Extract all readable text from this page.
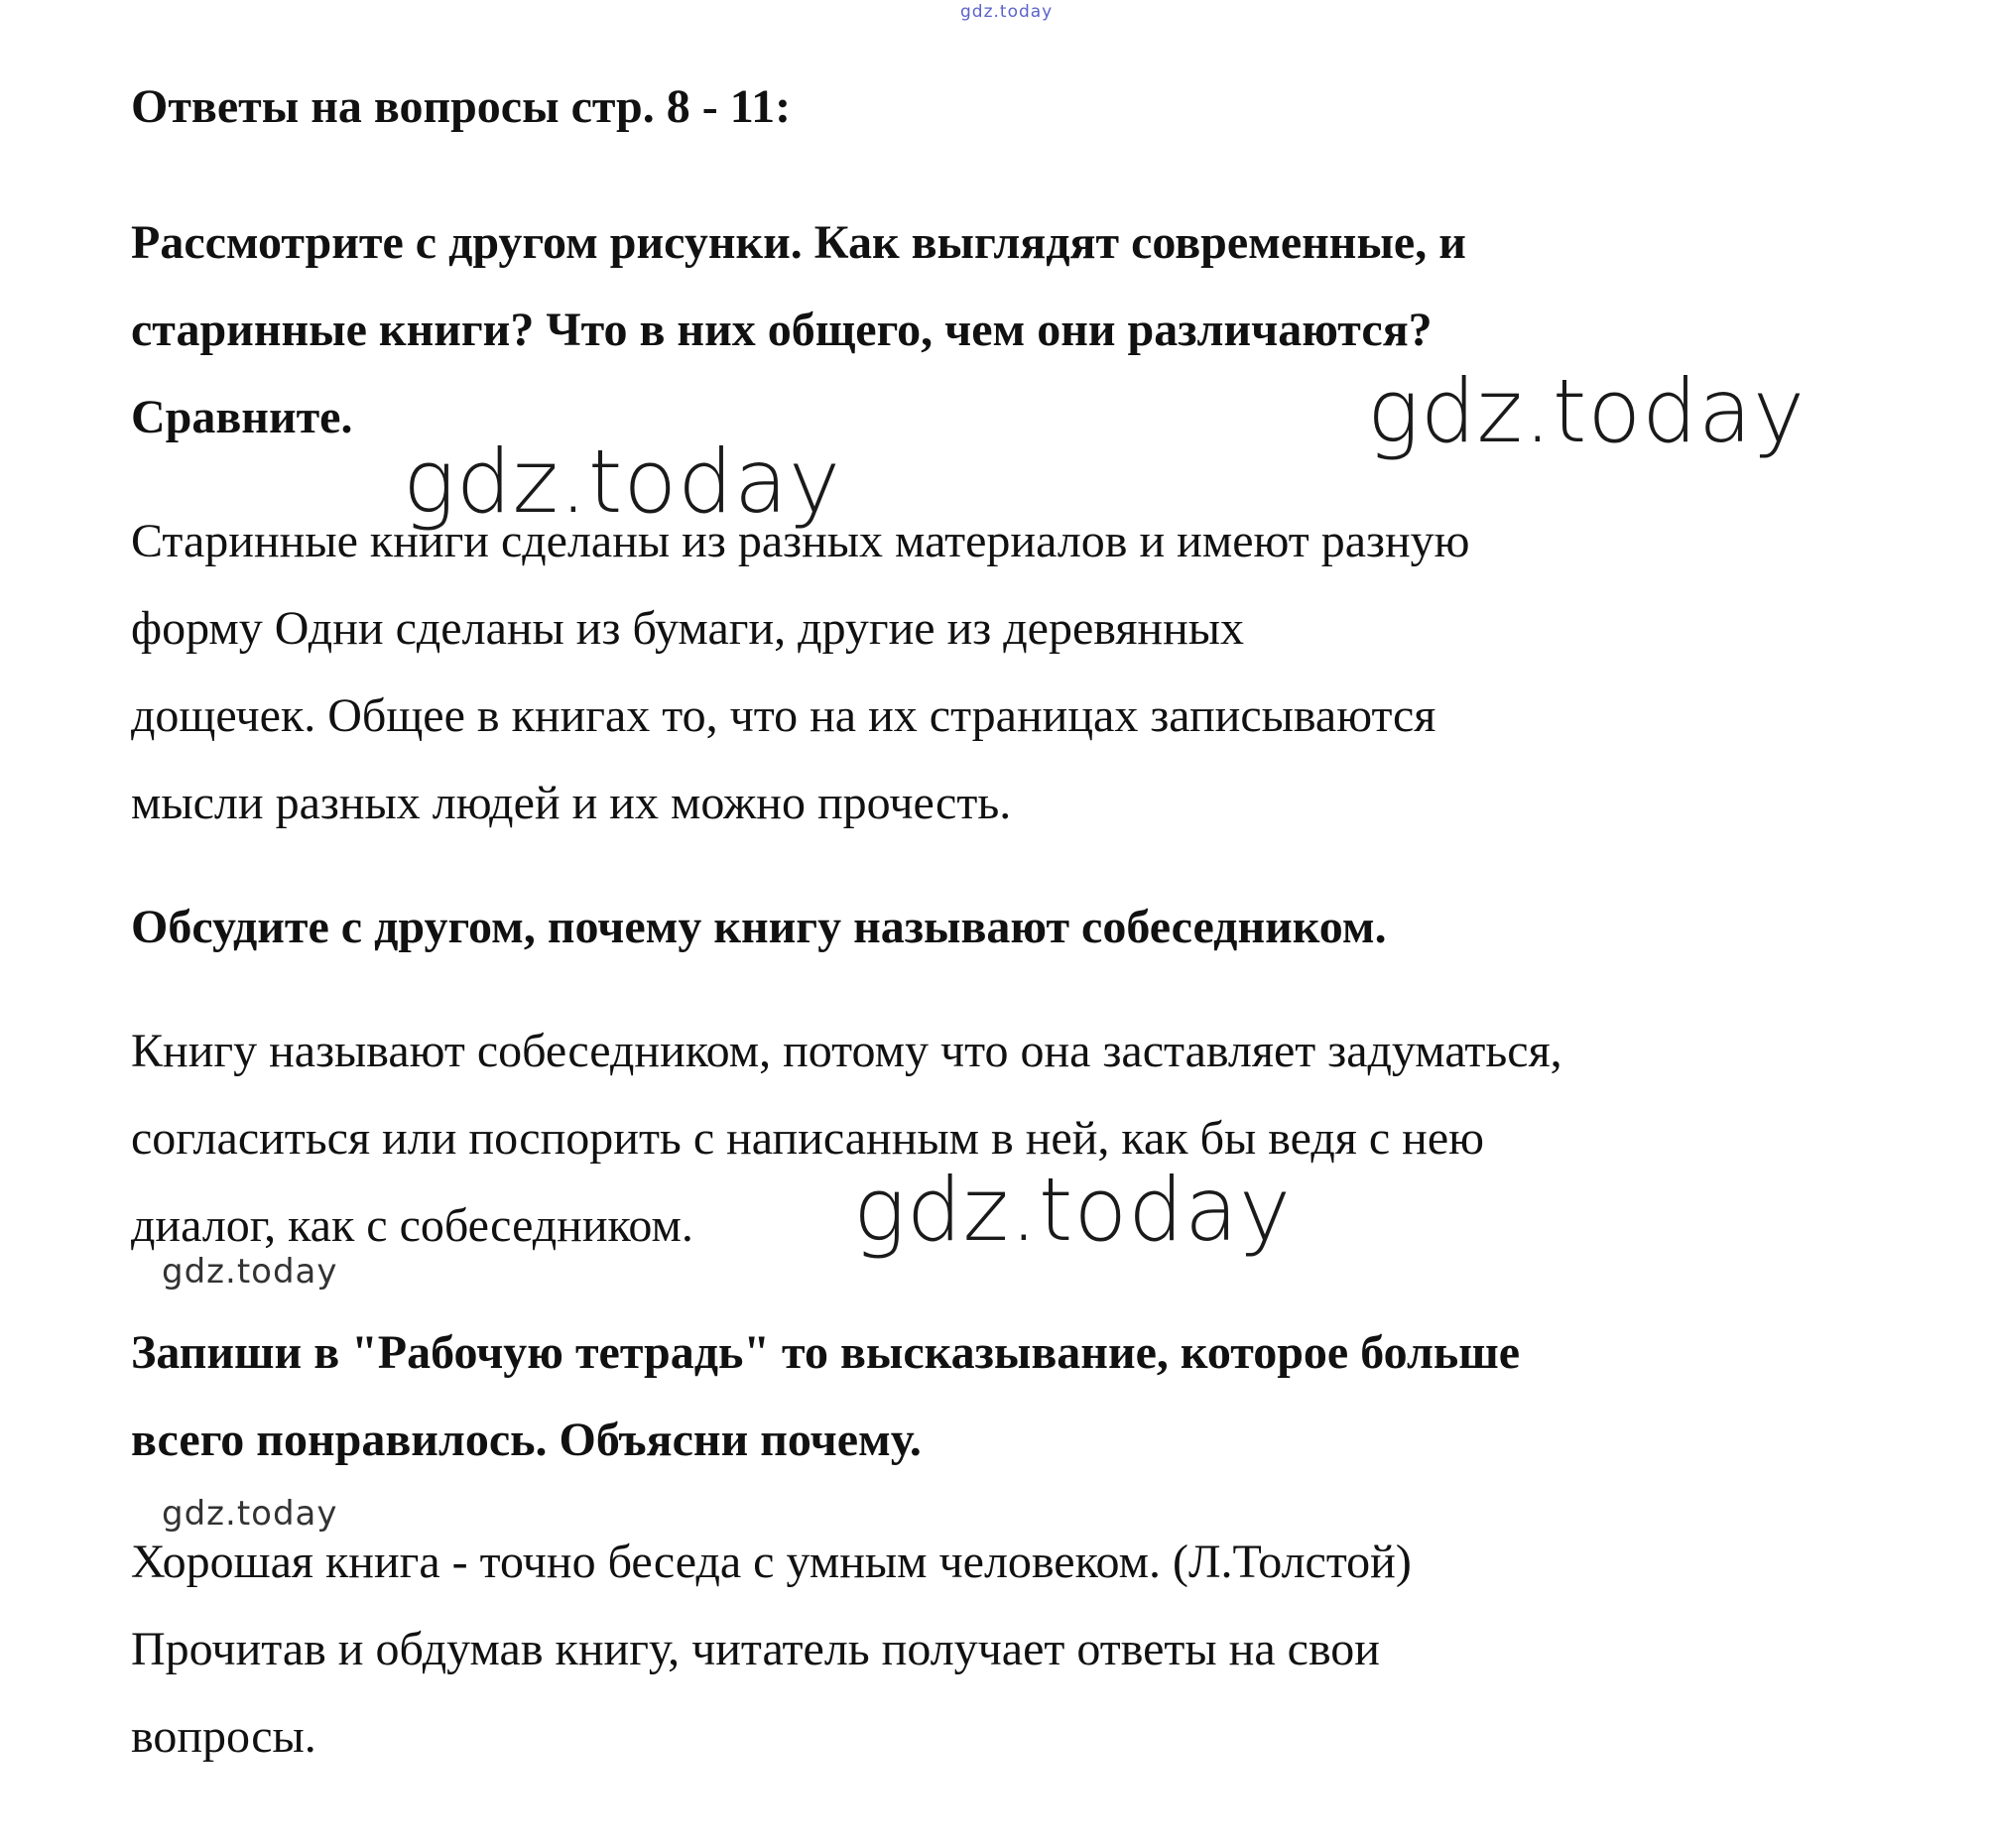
gdz.today
Ответы на вопросы стр. 8 - 11:
Рассмотрите с другом рисунки. Как выглядят современные, и
старинные книги? Что в них общего, чем они различаются?
Сравните.
Старинные книги сделаны из разных материалов и имеют разную
форму Одни сделаны из бумаги, другие из деревянных
дощечек. Общее в книгах то, что на их страницах записываются
мысли разных людей и их можно прочесть.
Обсудите с другом, почему книгу называют собеседником.
Книгу называют собеседником, потому что она заставляет задуматься,
согласиться или поспорить с написанным в ней, как бы ведя с нею
диалог, как с собеседником.
Запиши в "Рабочую тетрадь" то высказывание, которое больше
всего понравилось. Объясни почему.
Хорошая книга - точно беседа с умным человеком. (Л.Толстой)
Прочитав и обдумав книгу, читатель получает ответы на свои
вопросы.
gdz.today
gdz.today
gdz.today
gdz.today
gdz.today
